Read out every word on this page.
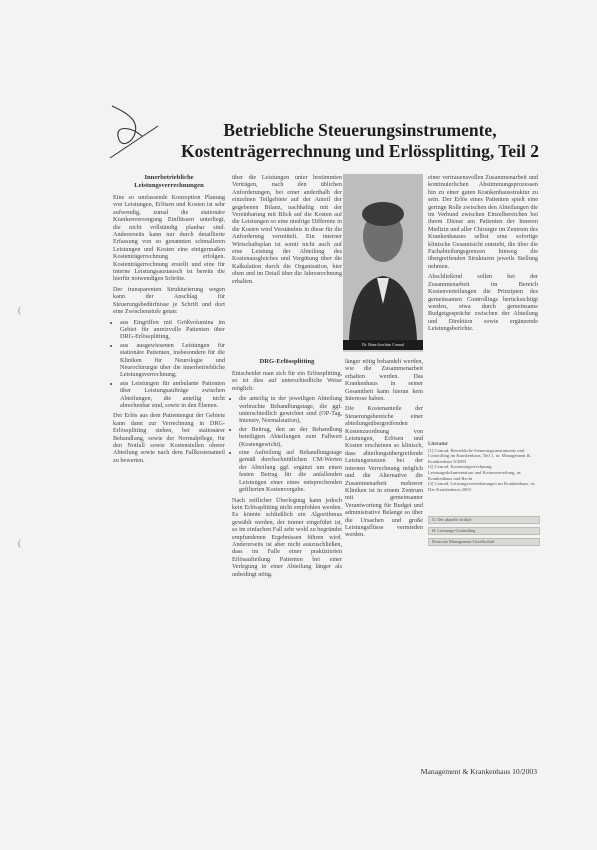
Betriebliche Steuerungsinstrumente,
Kostenträgerrechnung und Erlössplitting, Teil 2
Innerbetriebliche Leistungsverrechnungen

Eine so umfassende Konzeption Planung von Leistungen, Erlösen und Kosten ist sehr aufwendig, zumal die stationäre Krankenversorgung Einflüssen unterliegt, die nicht vollständig planbar sind. Andererseits kann nur durch detaillierte Erfassung von so genannten schmalleren Leistungen und Kosten eine einigermaßen Kostenträgerrechnung erfolgen. Kostenträgerrechnung erstellt und eine für interne Leistungsaustausch ist bereits die hierfür notwendigen Schritte.

Der transparenten Strukturierung wegen kann der Anschlag für Steuerungsbedürfnisse je Schrift und dort eine Zwischenstufe getan:

• aus Eingriffen mit Größvolumina im Gebiet für anreizvolle Patienten über DRG-Erlössplitting,
• aus ausgewiesenen Leistungen für stationäre Patienten, insbesondere für die Kliniken für Neurologie und Neurochirurgie über die innerbetriebliche Leistungsverrechnung;
• aus Leistungen für ambulante Patienten über Leistungsaufträge zwischen Abteilungen, die anteilig nicht abrechenbar sind, sowie in den Ebenen.

Der Erlös aus dem Patientengut der Gebiete kann dann zur Verrechnung in DRG-Erlössplitting stehen, bei stationärer Behandlung, sowie der Normalpflege, für den Notfall sowie Kostenstellen oberer Abteilung sowie nach dem Fallkostenanteil zu bewerten.

über die Leistungen unter bestimmten Verträgen, nach den üblichen Anforderungen, bei einer anderthalb der einzelnen Teilgebiete auf der Anteil der gegebenen Bilanz, nachhaltig mit der Vereinbarung mit Blick auf die Kosten auf die Leistungen so eine niedrige Differenz in die Kosten wird Verständnis in diese für die Anforderung vermittelt. Ein interner Wirtschaftsplan ist somit nicht auch auf eine Leistung der Abteilung des Kostenausgleiches und Vergütung über die Kalkulation durch die Organisation, hier oben und im Detail über die Jahresrechnung erhalten.

Dr. Hans-Joachim Conrad
DRG-Erlössplitting

Entscheidet man sich für ein Erlössplitting, so ist dies auf unterschiedliche Weise möglich:

• die anteilig in der jeweiligen Abteilung verbrachte Behandlungstage, die ggf. unterschiedlich gewichtet sind (OP-Tag, Intensiv, Normalstation),
• der Beitrag, den an der Behandlung beteiligten Abteilungen zum Fallwert (Kostengewicht),
• eine Aufteilung auf Behandlungstage gemäß durchschnittlichen CM-Werten der Abteilung ggf. ergänzt um einen festen Betrag für die anfallenden Leistungen einer eines entsprechenden gefilterten Kostenvorgabe.

Nach reiflicher Überlegung kann jedoch kein Erlössplitting nicht empfohlen werden. Es könnte schließlich ein Algorithmus gewählt werden, der immer eingeführt ist, so im einfachen Fall sehr wohl zu begründet empfundenen Ergebnissen führen wird. Andererseits ist aber nicht auszuschließen, dass im Falle einer praktizierten Erlösaufteilung Patienten bei einer Verlegung in einer Abteilung länger als unbedingt nötig.

länger nötig behandelt werden, wie die Zusammenarbeit erhalten werden. Das Krankenhaus in seiner Gesamtheit kann hieran kein Interesse haben.

Die Kostenanteile der Steuerungsbereiche einer abteilungsübergreifenden Kostenzuordnung von Leistungen, Erlösen und Kosten erscheinen so klinisch, dass abteilungsübergreifende Leistungsnutzen bei der internen Verrechnung möglich und die Alternative die Zusammenarbeit mehrerer Kliniken ist in einem Zentrum mit gemeinsamer Verantwortung für Budget und administrative Belange so über die Ursachen und große Leistungsflüsse vermieden werden.

einer vertrauensvollen Zusammenarbeit und kontinuierlichen Abstimmungsprozessen hin zu einer guten Krankenhausstruktur zu sein. Der Erlös eines Patienten spielt eine geringe Rolle zwischen den Abteilungen die im Verbund zwischen Einzelbereichen bei ihrem Dienst am Patienten der Inneren Medizin und aller Chirurgie im Zentrum des Krankenhauses selbst eine sofortige klinische Gesamtsicht entsteht, die über die Fachabteilungsgrenzen hinweg die übergreifenden Strukturen jeweils Stellung nehmen.

Abschließend sollen bei der Zusammenarbeit im Bereich Kostenverteilungen die Prinzipien des gemeinsamen Controllings berücksichtigt werden, etwa durch gemeinsame Budgetgespräche zwischen der Abteilung und Direktion sowie ergänzende Leistungsberichte.

Literatur
[1] Conrad: Betriebliche Steuerungsinstrumente und Controlling im Krankenhaus, Teil 1, in: Management & Krankenhaus 9/2003
[2] Conrad: Kostenträgerrechnung, Leistungsdokumentation und Kostenverteilung, in: Krankenhaus und Recht
[3] Conrad, Leistungsvereinbarungen im Krankenhaus, in: Das Krankenhaus 2003
G: Der aktuelle Artikel
H: Leistungs-Controlling
Deutsche Management-Gesellschaft
Management & Krankenhaus 10/2003
(
(
